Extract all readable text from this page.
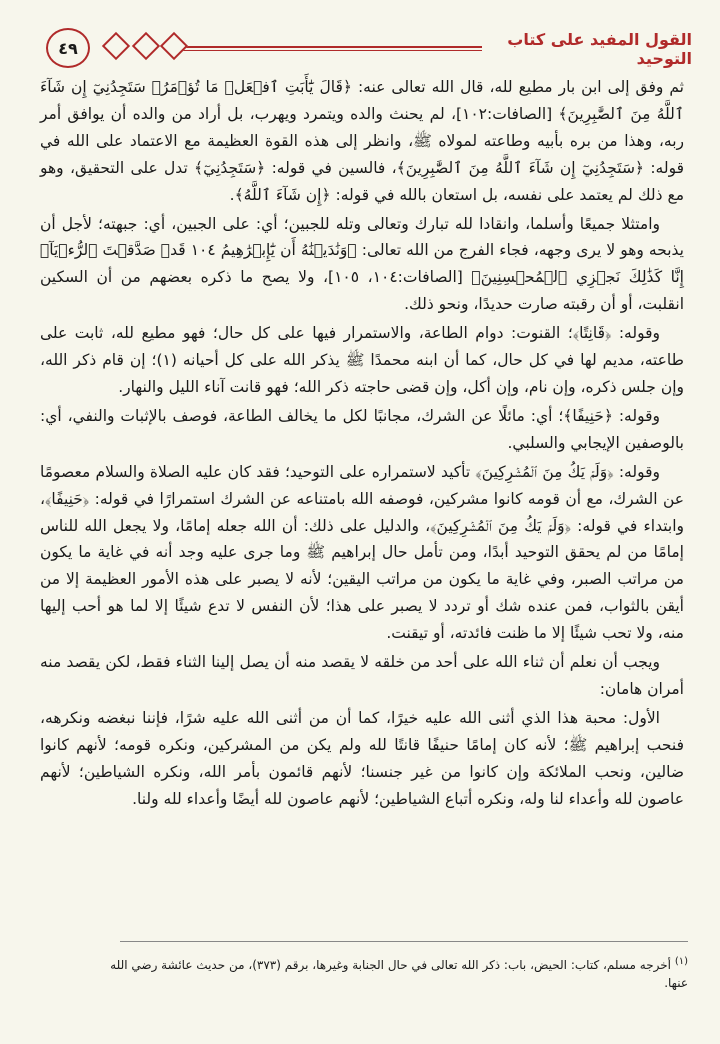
٤٩	القول المفيد على كتاب التوحيد

ثم وفق إلى ابن بار مطيع لله، قال الله تعالى عنه: ﴿قَالَ يَٰٓأَبَتِ ٱفۡعَلۡ مَا تُؤۡمَرُۖ سَتَجِدُنِيٓ إِن شَآءَ ٱللَّهُ مِنَ ٱلصَّٰبِرِينَ﴾ [الصافات:١٠٢]، لم يحنث والده ويتمرد ويهرب، بل أراد من والده أن يوافق أمر ربه، وهذا من بره بأبيه وطاعته لمولاه ﷺ، وانظر إلى هذه القوة العظيمة مع الاعتماد على الله في قوله: ﴿سَتَجِدُنِيٓ إِن شَآءَ ٱللَّهُ مِنَ ٱلصَّٰبِرِينَ﴾، فالسين في قوله: ﴿سَتَجِدُنِيٓ﴾ تدل على التحقيق، وهو مع ذلك لم يعتمد على نفسه، بل استعان بالله في قوله: ﴿إِن شَآءَ ٱللَّهُ﴾.

وامتثلا جميعًا وأسلما، وانقادا لله تبارك وتعالى وتله للجبين؛ أي: على الجبين، أي: جبهته؛ لأجل أن يذبحه وهو لا يرى وجهه، فجاء الفرج من الله تعالى: ﴿وَنَٰدَيۡنَٰهُ أَن يَٰٓإِبۡرَٰهِيمُ ١٠٤ قَدۡ صَدَّقۡتَ ٱلرُّءۡيَآۚ إِنَّا كَذَٰلِكَ نَجۡزِي ٱلۡمُحۡسِنِينَ﴾ [الصافات:١٠٤، ١٠٥]، ولا يصح ما ذكره بعضهم من أن السكين انقلبت، أو أن رقبته صارت حديدًا، ونحو ذلك.

وقوله: ﴿قَانِتًا﴾؛ القنوت: دوام الطاعة، والاستمرار فيها على كل حال؛ فهو مطيع لله، ثابت على طاعته، مديم لها في كل حال، كما أن ابنه محمدًا ﷺ يذكر الله على كل أحيانه (١)؛ إن قام ذكر الله، وإن جلس ذكره، وإن نام، وإن أكل، وإن قضى حاجته ذكر الله؛ فهو قانت آناء الليل والنهار.

وقوله: ﴿حَنِيفًا﴾؛ أي: مائلًا عن الشرك، مجانبًا لكل ما يخالف الطاعة، فوصف بالإثبات والنفي، أي: بالوصفين الإيجابي والسلبي.

وقوله: ﴿وَلَمۡ يَكُ مِنَ ٱلۡمُشۡرِكِينَ﴾ تأكيد لاستمراره على التوحيد؛ فقد كان عليه الصلاة والسلام معصومًا عن الشرك، مع أن قومه كانوا مشركين، فوصفه الله بامتناعه عن الشرك استمرارًا في قوله: ﴿حَنِيفًا﴾، وابتداء في قوله: ﴿وَلَمۡ يَكُ مِنَ ٱلۡمُشۡرِكِينَ﴾، والدليل على ذلك: أن الله جعله إمامًا، ولا يجعل الله للناس إمامًا من لم يحقق التوحيد أبدًا، ومن تأمل حال إبراهيم ﷺ وما جرى عليه وجد أنه في غاية ما يكون من مراتب الصبر، وفي غاية ما يكون من مراتب اليقين؛ لأنه لا يصبر على هذه الأمور العظيمة إلا من أيقن بالثواب، فمن عنده شك أو تردد لا يصبر على هذا؛ لأن النفس لا تدع شيئًا إلا لما هو أحب إليها منه، ولا تحب شيئًا إلا ما ظنت فائدته، أو تيقنت.

ويجب أن نعلم أن ثناء الله على أحد من خلقه لا يقصد منه أن يصل إلينا الثناء فقط، لكن يقصد منه أمران هامان:

الأول: محبة هذا الذي أثنى الله عليه خيرًا، كما أن من أثنى الله عليه شرًا، فإننا نبغضه ونكرهه، فنحب إبراهيم ﷺ؛ لأنه كان إمامًا حنيفًا قانتًا لله ولم يكن من المشركين، ونكره قومه؛ لأنهم كانوا ضالين، ونحب الملائكة وإن كانوا من غير جنسنا؛ لأنهم قائمون بأمر الله، ونكره الشياطين؛ لأنهم عاصون لله وأعداء لنا وله، ونكره أتباع الشياطين؛ لأنهم عاصون لله أيضًا وأعداء لله ولنا.

$^{(١)}$ أخرجه مسلم، كتاب: الحيض، باب: ذكر الله تعالى في حال الجنابة وغيرها، برقم (٣٧٣)، من حديث عائشة رضي الله عنها.
